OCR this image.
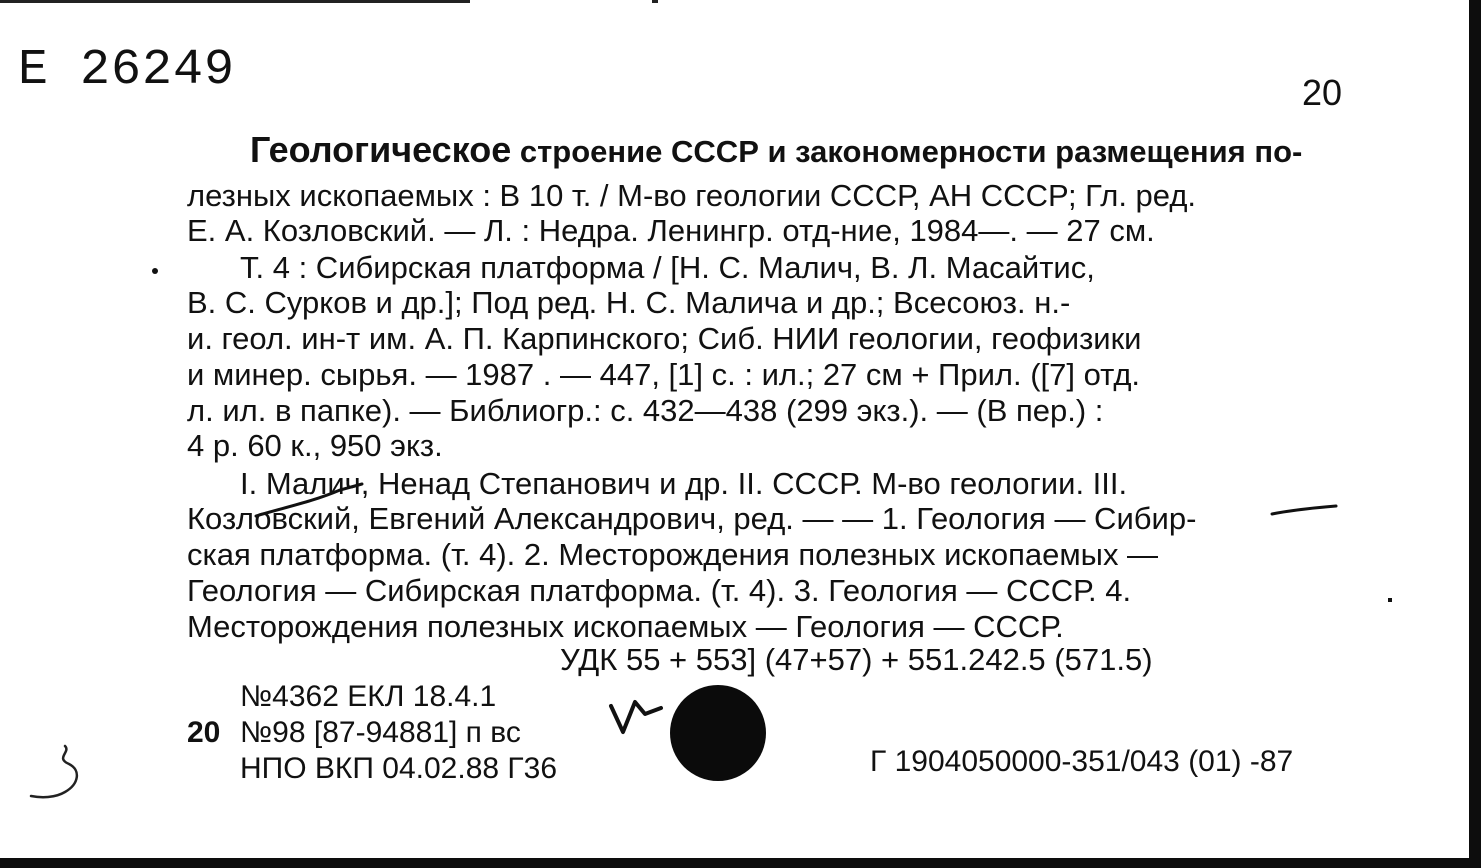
Е 26249	20
Геологическое строение СССР и закономерности размещения по-
лезных ископаемых : В 10 т. / М-во геологии СССР, АН СССР; Гл. ред.
Е. А. Козловский. — Л. : Недра. Ленингр. отд-ние, 1984—. — 27 см.
Т. 4 : Сибирская платформа / [Н. С. Малич, В. Л. Масайтис,
В. С. Сурков и др.]; Под ред. Н. С. Малича и др.; Всесоюз. н.-
и. геол. ин-т им. А. П. Карпинского; Сиб. НИИ геологии, геофизики
и минер. сырья. — 1987 . — 447, [1] с. : ил.; 27 см + Прил. ([7] отд.
л. ил. в папке). — Библиогр.: с. 432—438 (299 экз.). — (В пер.) :
4 р. 60 к., 950 экз.
I. Малич, Ненад Степанович и др. II. СССР. М-во геологии. III.
Козловский, Евгений Александрович, ред. — — 1. Геология — Сибир-
ская платформа. (т. 4). 2. Месторождения полезных ископаемых —
Геология — Сибирская платформа. (т. 4). 3. Геология — СССР. 4.
Месторождения полезных ископаемых — Геология — СССР.
УДК 55 + 553] (47+57) + 551.242.5 (571.5)
№4362 ЕКЛ 18.4.1
20 №98 [87-94881] п вс
НПО ВКП 04.02.88 Г36	Г 1904050000-351/043 (01) -87
